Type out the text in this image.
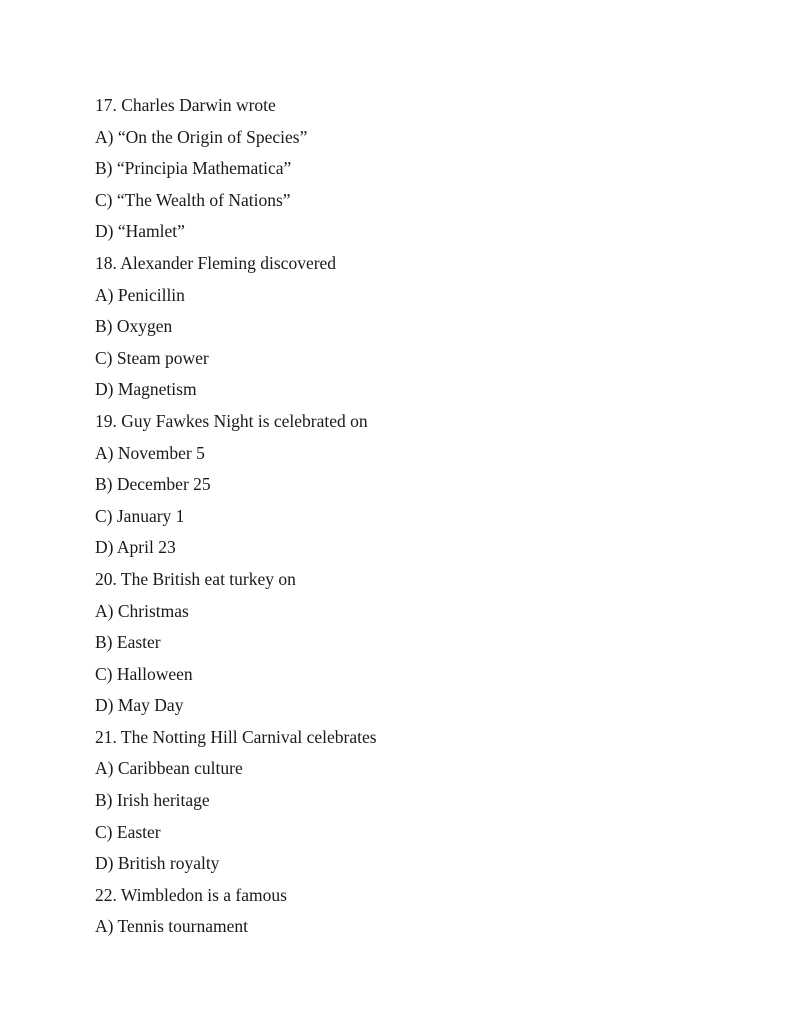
17. Charles Darwin wrote
A) “On the Origin of Species”
B) “Principia Mathematica”
C) “The Wealth of Nations”
D) “Hamlet”
18. Alexander Fleming discovered
A) Penicillin
B) Oxygen
C) Steam power
D) Magnetism
19. Guy Fawkes Night is celebrated on
A) November 5
B) December 25
C) January 1
D) April 23
20. The British eat turkey on
A) Christmas
B) Easter
C) Halloween
D) May Day
21. The Notting Hill Carnival celebrates
A) Caribbean culture
B) Irish heritage
C) Easter
D) British royalty
22. Wimbledon is a famous
A) Tennis tournament
